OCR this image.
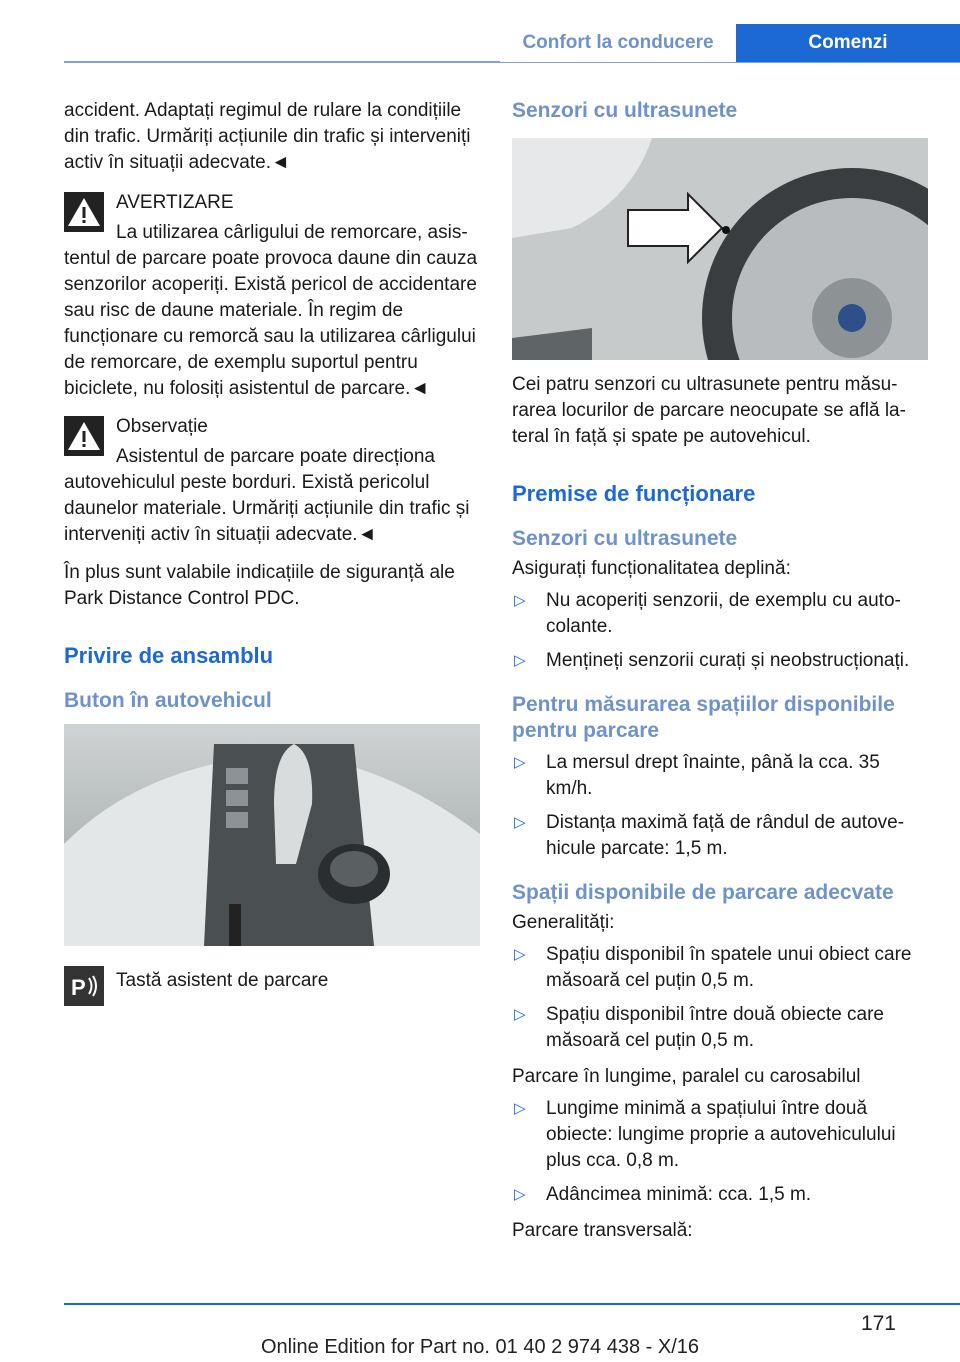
Confort la conducere	Comenzi

accident. Adaptați regimul de rulare la condițiile din trafic. Urmăriți acțiunile din trafic și interveniți activ în situații adecvate.◄

AVERTIZARE

La utilizarea cârligului de remorcare, asistentul de parcare poate provoca daune din cauza senzorilor acoperiți. Există pericol de accidentare sau risc de daune materiale. În regim de funcționare cu remorcă sau la utilizarea cârligului de remorcare, de exemplu suportul pentru biciclete, nu folosiți asistentul de parcare.◄

Observație

Asistentul de parcare poate direcționa autovehiculul peste borduri. Există pericolul daunelor materiale. Urmăriți acțiunile din trafic și interveniți activ în situații adecvate.◄

În plus sunt valabile indicațiile de siguranță ale Park Distance Control PDC.

Privire de ansamblu
Buton în autovehicul
P	Tastă asistent de parcare
Senzori cu ultrasunete

Cei patru senzori cu ultrasunete pentru măsurarea locurilor de parcare neocupate se află lateral în față și spate pe autovehicul.

Premise de funcționare
Senzori cu ultrasunete

Asigurați funcționalitatea deplină:

▷ Nu acoperiți senzorii, de exemplu cu autocolante.
▷ Mențineți senzorii curați și neobstrucționați.
Pentru măsurarea spațiilor disponibile pentru parcare
▷ La mersul drept înainte, până la cca. 35 km/h.
▷ Distanța maximă față de rândul de autovehicule parcate: 1,5 m.
Spații disponibile de parcare adecvate

Generalități:

▷ Spațiu disponibil în spatele unui obiect care măsoară cel puțin 0,5 m.
▷ Spațiu disponibil între două obiecte care măsoară cel puțin 0,5 m.

Parcare în lungime, paralel cu carosabilul

▷ Lungime minimă a spațiului între două obiecte: lungime proprie a autovehiculului plus cca. 0,8 m.
▷ Adâncimea minimă: cca. 1,5 m.

Parcare transversală:

171
Online Edition for Part no. 01 40 2 974 438 - X/16
